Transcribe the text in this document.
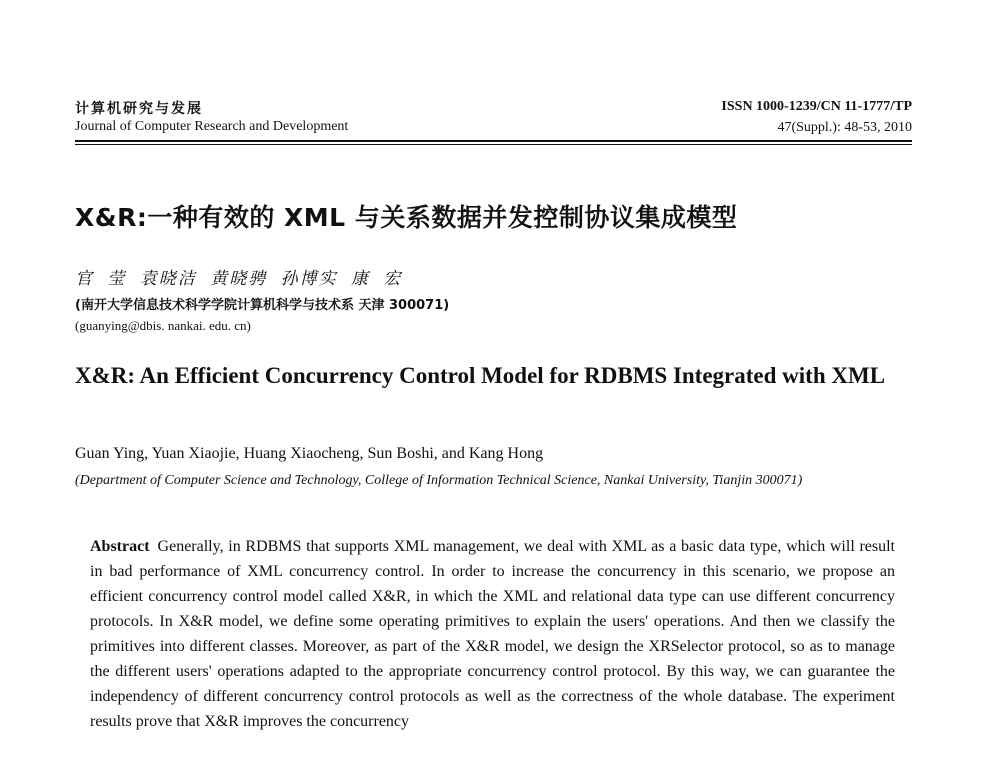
计算机研究与发展
Journal of Computer Research and Development
ISSN 1000-1239/CN 11-1777/TP
47(Suppl.): 48-53, 2010
X&R:一种有效的 XML 与关系数据并发控制协议集成模型
官 莹 袁晓洁 黄晓骋 孙博实 康 宏
(南开大学信息技术科学学院计算机科学与技术系 天津 300071)
(guanying@dbis. nankai. edu. cn)
X&R: An Efficient Concurrency Control Model for RDBMS Integrated with XML
Guan Ying, Yuan Xiaojie, Huang Xiaocheng, Sun Boshi, and Kang Hong
(Department of Computer Science and Technology, College of Information Technical Science, Nankai University, Tianjin 300071)
Abstract Generally, in RDBMS that supports XML management, we deal with XML as a basic data type, which will result in bad performance of XML concurrency control. In order to increase the concurrency in this scenario, we propose an efficient concurrency control model called X&R, in which the XML and relational data type can use different concurrency protocols. In X&R model, we define some operating primitives to explain the users' operations. And then we classify the primitives into different classes. Moreover, as part of the X&R model, we design the XRSelector protocol, so as to manage the different users' operations adapted to the appropriate concurrency control protocol. By this way, we can guarantee the independency of different concurrency control protocols as well as the correctness of the whole database. The experiment results prove that X&R improves the concurrency
